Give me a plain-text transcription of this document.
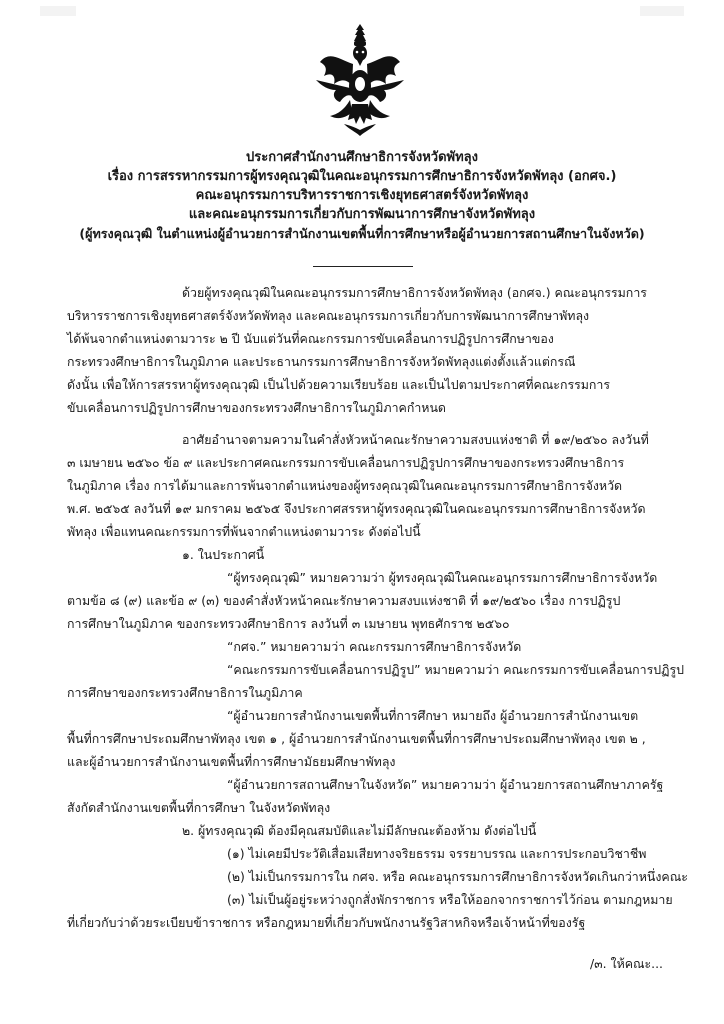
ประกาศสำนักงานศึกษาธิการจังหวัดพัทลุง
เรื่อง การสรรหากรรมการผู้ทรงคุณวุฒิในคณะอนุกรรมการศึกษาธิการจังหวัดพัทลุง (อกศจ.)
คณะอนุกรรมการบริหารราชการเชิงยุทธศาสตร์จังหวัดพัทลุง
และคณะอนุกรรมการเกี่ยวกับการพัฒนาการศึกษาจังหวัดพัทลุง
(ผู้ทรงคุณวุฒิ ในตำแหน่งผู้อำนวยการสำนักงานเขตพื้นที่การศึกษาหรือผู้อำนวยการสถานศึกษาในจังหวัด)
ด้วยผู้ทรงคุณวุฒิในคณะอนุกรรมการศึกษาธิการจังหวัดพัทลุง (อกศจ.) คณะอนุกรรมการ
บริหารราชการเชิงยุทธศาสตร์จังหวัดพัทลุง และคณะอนุกรรมการเกี่ยวกับการพัฒนาการศึกษาพัทลุง
ได้พ้นจากตำแหน่งตามวาระ ๒ ปี นับแต่วันที่คณะกรรมการขับเคลื่อนการปฏิรูปการศึกษาของ
กระทรวงศึกษาธิการในภูมิภาค และประธานกรรมการศึกษาธิการจังหวัดพัทลุงแต่งตั้งแล้วแต่กรณี
ดังนั้น เพื่อให้การสรรหาผู้ทรงคุณวุฒิ เป็นไปด้วยความเรียบร้อย และเป็นไปตามประกาศที่คณะกรรมการ
ขับเคลื่อนการปฏิรูปการศึกษาของกระทรวงศึกษาธิการในภูมิภาคกำหนด
อาศัยอำนาจตามความในคำสั่งหัวหน้าคณะรักษาความสงบแห่งชาติ ที่ ๑๙/๒๕๖๐ ลงวันที่
๓ เมษายน ๒๕๖๐ ข้อ ๙ และประกาศคณะกรรมการขับเคลื่อนการปฏิรูปการศึกษาของกระทรวงศึกษาธิการ
ในภูมิภาค เรื่อง การได้มาและการพ้นจากตำแหน่งของผู้ทรงคุณวุฒิในคณะอนุกรรมการศึกษาธิการจังหวัด
พ.ศ. ๒๕๖๕ ลงวันที่ ๑๙ มกราคม ๒๕๖๕ จึงประกาศสรรหาผู้ทรงคุณวุฒิในคณะอนุกรรมการศึกษาธิการจังหวัด
พัทลุง เพื่อแทนคณะกรรมการที่พ้นจากตำแหน่งตามวาระ ดังต่อไปนี้
๑. ในประกาศนี้
“ผู้ทรงคุณวุฒิ” หมายความว่า ผู้ทรงคุณวุฒิในคณะอนุกรรมการศึกษาธิการจังหวัด
ตามข้อ ๘ (๙) และข้อ ๙ (๓) ของคำสั่งหัวหน้าคณะรักษาความสงบแห่งชาติ ที่ ๑๙/๒๕๖๐ เรื่อง การปฏิรูป
การศึกษาในภูมิภาค ของกระทรวงศึกษาธิการ ลงวันที่ ๓ เมษายน พุทธศักราช ๒๕๖๐
“กศจ.” หมายความว่า คณะกรรมการศึกษาธิการจังหวัด
“คณะกรรมการขับเคลื่อนการปฏิรูป” หมายความว่า คณะกรรมการขับเคลื่อนการปฏิรูป
การศึกษาของกระทรวงศึกษาธิการในภูมิภาค
“ผู้อำนวยการสำนักงานเขตพื้นที่การศึกษา หมายถึง ผู้อำนวยการสำนักงานเขต
พื้นที่การศึกษาประถมศึกษาพัทลุง เขต ๑ , ผู้อำนวยการสำนักงานเขตพื้นที่การศึกษาประถมศึกษาพัทลุง เขต ๒ ,
และผู้อำนวยการสำนักงานเขตพื้นที่การศึกษามัธยมศึกษาพัทลุง
“ผู้อำนวยการสถานศึกษาในจังหวัด” หมายความว่า ผู้อำนวยการสถานศึกษาภาครัฐ
สังกัดสำนักงานเขตพื้นที่การศึกษา ในจังหวัดพัทลุง
๒. ผู้ทรงคุณวุฒิ ต้องมีคุณสมบัติและไม่มีลักษณะต้องห้าม ดังต่อไปนี้
(๑) ไม่เคยมีประวัติเสื่อมเสียทางจริยธรรม จรรยาบรรณ และการประกอบวิชาชีพ
(๒) ไม่เป็นกรรมการใน กศจ. หรือ คณะอนุกรรมการศึกษาธิการจังหวัดเกินกว่าหนึ่งคณะ
(๓) ไม่เป็นผู้อยู่ระหว่างถูกสั่งพักราชการ หรือให้ออกจากราชการไว้ก่อน ตามกฎหมาย
ที่เกี่ยวกับว่าด้วยระเบียบข้าราชการ หรือกฎหมายที่เกี่ยวกับพนักงานรัฐวิสาหกิจหรือเจ้าหน้าที่ของรัฐ
/๓. ให้คณะ...
